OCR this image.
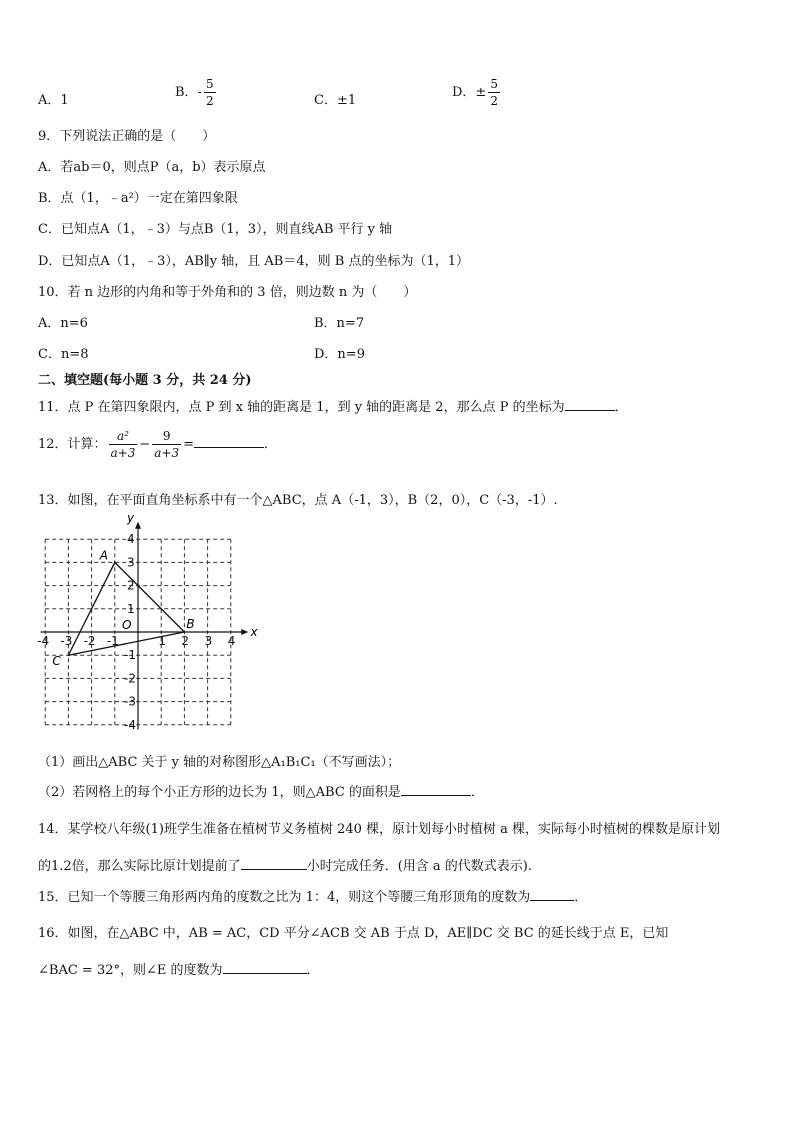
A．1
B．- $\frac{5}{2}$	C．±1
D．± $\frac{5}{2}$
9．下列说法正确的是（　　）
A．若ab＝0，则点P（a，b）表示原点
B．点（1，﹣a²）一定在第四象限
C．已知点A（1，﹣3）与点B（1，3），则直线AB 平行 y 轴
D．已知点A（1，﹣3），AB∥y 轴，且 AB＝4，则 B 点的坐标为（1，1）
10．若 n 边形的内角和等于外角和的 3 倍，则边数 n 为（　　）
A．n=6	B．n=7
C．n=8	D．n=9
二、填空题(每小题 3 分，共 24 分)
11．点 P 在第四象限内，点 P 到 x 轴的距离是 1，到 y 轴的距离是 2，那么点 P 的坐标为	．
12．计算： $\frac{\text{a²}}{a+3} - \frac{9}{a+3}$ =	．
13．如图，在平面直角坐标系中有一个△ABC，点 A（-1，3），B（2，0），C（-3，-1）.
-4 -3 -2 -1	1 2 3 4
4
3
2
1
-1
-2
-3
-4
x
y
O
A
B
C
（1）画出△ABC 关于 y 轴的对称图形△A₁B₁C₁（不写画法）；
（2）若网格上的每个小正方形的边长为 1，则△ABC 的面积是	．
14．某学校八年级(1)班学生准备在植树节义务植树 240 棵，原计划每小时植树 a 棵，实际每小时植树的棵数是原计划
的1.2倍，那么实际比原计划提前了	小时完成任务．(用含 a 的代数式表示).
15．已知一个等腰三角形两内角的度数之比为 1：4，则这个等腰三角形顶角的度数为	．
16．如图，在△ABC 中，AB = AC，CD 平分∠ACB 交 AB 于点 D，AE∥DC 交 BC 的延长线于点 E，已知
∠BAC = 32°，则∠E 的度数为	．
